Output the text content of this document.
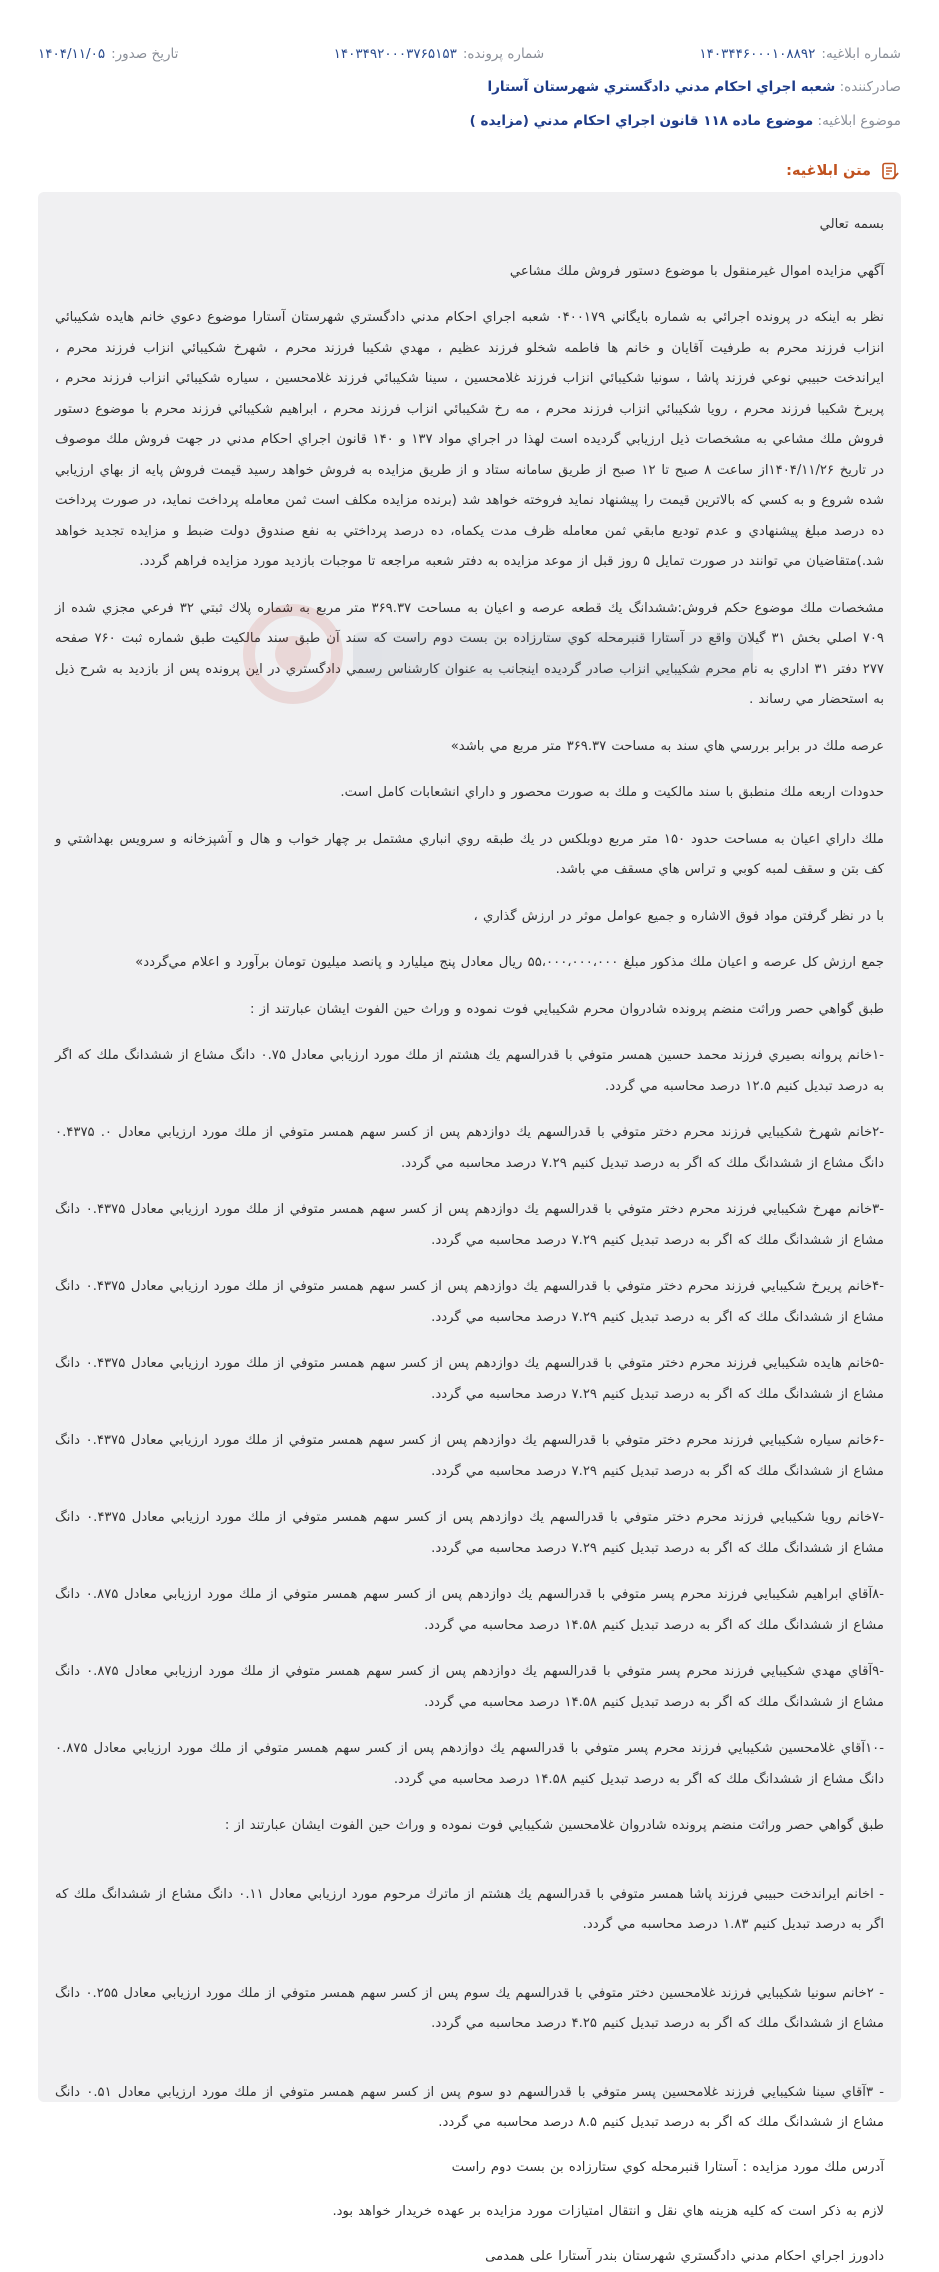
شماره ابلاغیه:
۱۴۰۳۴۴۶۰۰۰۱۰۸۸۹۲
شماره پرونده:
۱۴۰۳۴۹۲۰۰۰۳۷۶۵۱۵۳
تاریخ صدور:
۱۴۰۴/۱۱/۰۵
صادرکننده: شعبه اجراي احكام مدني دادگستري شهرستان آستارا
موضوع ابلاغیه: موضوع ماده ۱۱۸ قانون اجراي احكام مدني (مزايده )
متن ابلاغیه:

بسمه تعالي

آگهي مزايده اموال غيرمنقول با موضوع دستور فروش ملك مشاعي

نظر به اينكه در پرونده اجرائي به شماره بايگاني ۰۴۰۰۱۷۹ شعبه اجراي احكام مدني دادگستري شهرستان آستارا موضوع دعوي خانم هايده شكيبائي انزاب فرزند محرم به طرفيت آقايان و خانم ها فاطمه شخلو فرزند عظيم ، مهدي شكيبا فرزند محرم ، شهرخ شكيبائي انزاب فرزند محرم ، ايراندخت حبيبي نوعي فرزند پاشا ، سونيا شكيبائي انزاب فرزند غلامحسين ، سينا شكيبائي فرزند غلامحسين ، سياره شكيبائي انزاب فرزند محرم ، پريرخ شكيبا فرزند محرم ، رويا شكيبائي انزاب فرزند محرم ، مه رخ شكيبائي انزاب فرزند محرم ، ابراهيم شكيبائي فرزند محرم با موضوع دستور فروش ملك مشاعي به مشخصات ذيل ارزيابي گرديده است لهذا در اجراي مواد ۱۳۷ و ۱۴۰ قانون اجراي احكام مدني در جهت فروش ملك موصوف در تاريخ ۱۴۰۴/۱۱/۲۶از ساعت ۸ صبح تا ۱۲ صبح از طريق سامانه ستاد و از طريق مزايده به فروش خواهد رسيد قيمت فروش پايه از بهاي ارزيابي شده شروع و به كسي كه بالاترين قيمت را پيشنهاد نمايد فروخته خواهد شد (برنده مزايده مكلف است ثمن معامله پرداخت نمايد، در صورت پرداخت ده درصد مبلغ پيشنهادي و عدم توديع مابقي ثمن معامله ظرف مدت يكماه، ده درصد پرداختي به نفع صندوق دولت ضبط و مزايده تجديد خواهد شد.)متقاضيان مي توانند در صورت تمايل ۵ روز قبل از موعد مزايده به دفتر شعبه مراجعه تا موجبات بازديد مورد مزايده فراهم گردد.

مشخصات ملك موضوع حكم فروش:ششدانگ يك قطعه عرصه و اعيان به مساحت ۳۶۹.۳۷ متر مربع به شماره پلاك ثبتي ۳۲ فرعي مجزي شده از ۷۰۹ اصلي بخش ۳۱ گيلان واقع در آستارا قنبرمحله كوي ستارزاده بن بست دوم راست كه سند آن طبق سند مالكيت طبق شماره ثبت ۷۶۰ صفحه ۲۷۷ دفتر ۳۱ اداري به نام محرم شكيبايي انزاب صادر گرديده اينجانب به عنوان كارشناس رسمي دادگستري در اين پرونده پس از بازديد به شرح ذيل به استحضار مي رساند .

عرصه ملك در برابر بررسي هاي سند به مساحت ۳۶۹.۳۷ متر مربع مي باشد»

حدودات اربعه ملك منطبق با سند مالكيت و ملك به صورت محصور و داراي انشعابات كامل است.

ملك داراي اعيان به مساحت حدود ۱۵۰ متر مربع دوبلكس در يك طبقه روي انباري مشتمل بر چهار خواب و هال و آشپزخانه و سرويس بهداشتي و كف بتن و سقف لمبه كوبي و تراس هاي مسقف مي باشد.

با در نظر گرفتن مواد فوق الاشاره و جميع عوامل موثر در ارزش گذاري ،

جمع ارزش كل عرصه و اعيان ملك مذكور مبلغ ۵۵،۰۰۰،۰۰۰،۰۰۰ ريال معادل پنج ميليارد و پانصد ميليون تومان برآورد و اعلام مي‌گردد»

طبق گواهي حصر وراثت منضم پرونده شادروان محرم شكيبايي فوت نموده و وراث حين الفوت ايشان عبارتند از :

-۱خانم پروانه بصيري فرزند محمد حسين همسر متوفي با قدرالسهم يك هشتم از ملك مورد ارزيابي معادل ۰.۷۵ دانگ مشاع از ششدانگ ملك كه اگر به درصد تبديل كنيم ۱۲.۵ درصد محاسبه مي گردد.

-۲خانم شهرخ شكيبايي فرزند محرم دختر متوفي با قدرالسهم يك دوازدهم پس از كسر سهم همسر متوفي از ملك مورد ارزيابي معادل ۰. ۰.۴۳۷۵ دانگ مشاع از ششدانگ ملك كه اگر به درصد تبديل كنيم ۷.۲۹ درصد محاسبه مي گردد.

-۳خانم مهرخ شكيبايي فرزند محرم دختر متوفي با قدرالسهم يك دوازدهم پس از كسر سهم همسر متوفي از ملك مورد ارزيابي معادل ۰.۴۳۷۵ دانگ مشاع از ششدانگ ملك كه اگر به درصد تبديل كنيم ۷.۲۹ درصد محاسبه مي گردد.

-۴خانم پريرخ شكيبايي فرزند محرم دختر متوفي با قدرالسهم يك دوازدهم پس از كسر سهم همسر متوفي از ملك مورد ارزيابي معادل ۰.۴۳۷۵ دانگ مشاع از ششدانگ ملك كه اگر به درصد تبديل كنيم ۷.۲۹ درصد محاسبه مي گردد.

-۵خانم هايده شكيبايي فرزند محرم دختر متوفي با قدرالسهم يك دوازدهم پس از كسر سهم همسر متوفي از ملك مورد ارزيابي معادل ۰.۴۳۷۵ دانگ مشاع از ششدانگ ملك كه اگر به درصد تبديل كنيم ۷.۲۹ درصد محاسبه مي گردد.

-۶خانم سياره شكيبايي فرزند محرم دختر متوفي با قدرالسهم يك دوازدهم پس از كسر سهم همسر متوفي از ملك مورد ارزيابي معادل ۰.۴۳۷۵ دانگ مشاع از ششدانگ ملك كه اگر به درصد تبديل كنيم ۷.۲۹ درصد محاسبه مي گردد.

-۷خانم رويا شكيبايي فرزند محرم دختر متوفي با قدرالسهم يك دوازدهم پس از كسر سهم همسر متوفي از ملك مورد ارزيابي معادل ۰.۴۳۷۵ دانگ مشاع از ششدانگ ملك كه اگر به درصد تبديل كنيم ۷.۲۹ درصد محاسبه مي گردد.

-۸آقاي ابراهيم شكيبايي فرزند محرم پسر متوفي با قدرالسهم يك دوازدهم پس از كسر سهم همسر متوفي از ملك مورد ارزيابي معادل ۰.۸۷۵ دانگ مشاع از ششدانگ ملك كه اگر به درصد تبديل كنيم ۱۴.۵۸ درصد محاسبه مي گردد.

-۹آقاي مهدي شكيبايي فرزند محرم پسر متوفي با قدرالسهم يك دوازدهم پس از كسر سهم همسر متوفي از ملك مورد ارزيابي معادل ۰.۸۷۵ دانگ مشاع از ششدانگ ملك كه اگر به درصد تبديل كنيم ۱۴.۵۸ درصد محاسبه مي گردد.

-۱۰آقاي غلامحسين شكيبايي فرزند محرم پسر متوفي با قدرالسهم يك دوازدهم پس از كسر سهم همسر متوفي از ملك مورد ارزيابي معادل ۰.۸۷۵ دانگ مشاع از ششدانگ ملك كه اگر به درصد تبديل كنيم ۱۴.۵۸ درصد محاسبه مي گردد.

طبق گواهي حصر وراثت منضم پرونده شادروان غلامحسين شكيبايي فوت نموده و وراث حين الفوت ايشان عبارتند از :

- اخانم ايراندخت حبيبي فرزند پاشا همسر متوفي با قدرالسهم يك هشتم از ماترك مرحوم مورد ارزيابي معادل ۰.۱۱ دانگ مشاع از ششدانگ ملك كه اگر به درصد تبديل كنيم ۱.۸۳ درصد محاسبه مي گردد.

- ۲خانم سونيا شكيبايي فرزند غلامحسين دختر متوفي با قدرالسهم يك سوم پس از كسر سهم همسر متوفي از ملك مورد ارزيابي معادل ۰.۲۵۵ دانگ مشاع از ششدانگ ملك كه اگر به درصد تبديل كنيم ۴.۲۵ درصد محاسبه مي گردد.

- ۳آقاي سينا شكيبايي فرزند غلامحسين پسر متوفي با قدرالسهم دو سوم پس از كسر سهم همسر متوفي از ملك مورد ارزيابي معادل ۰.۵۱ دانگ مشاع از ششدانگ ملك كه اگر به درصد تبديل كنيم ۸.۵ درصد محاسبه مي گردد.

آدرس ملك مورد مزايده : آستارا قنبرمحله كوي ستارزاده بن بست دوم راست

لازم به ذكر است كه كليه هزينه هاي نقل و انتقال امتيازات مورد مزايده بر عهده خريدار خواهد بود.

دادورز اجراي احكام مدني دادگستري شهرستان بندر آستارا علی همدمی
